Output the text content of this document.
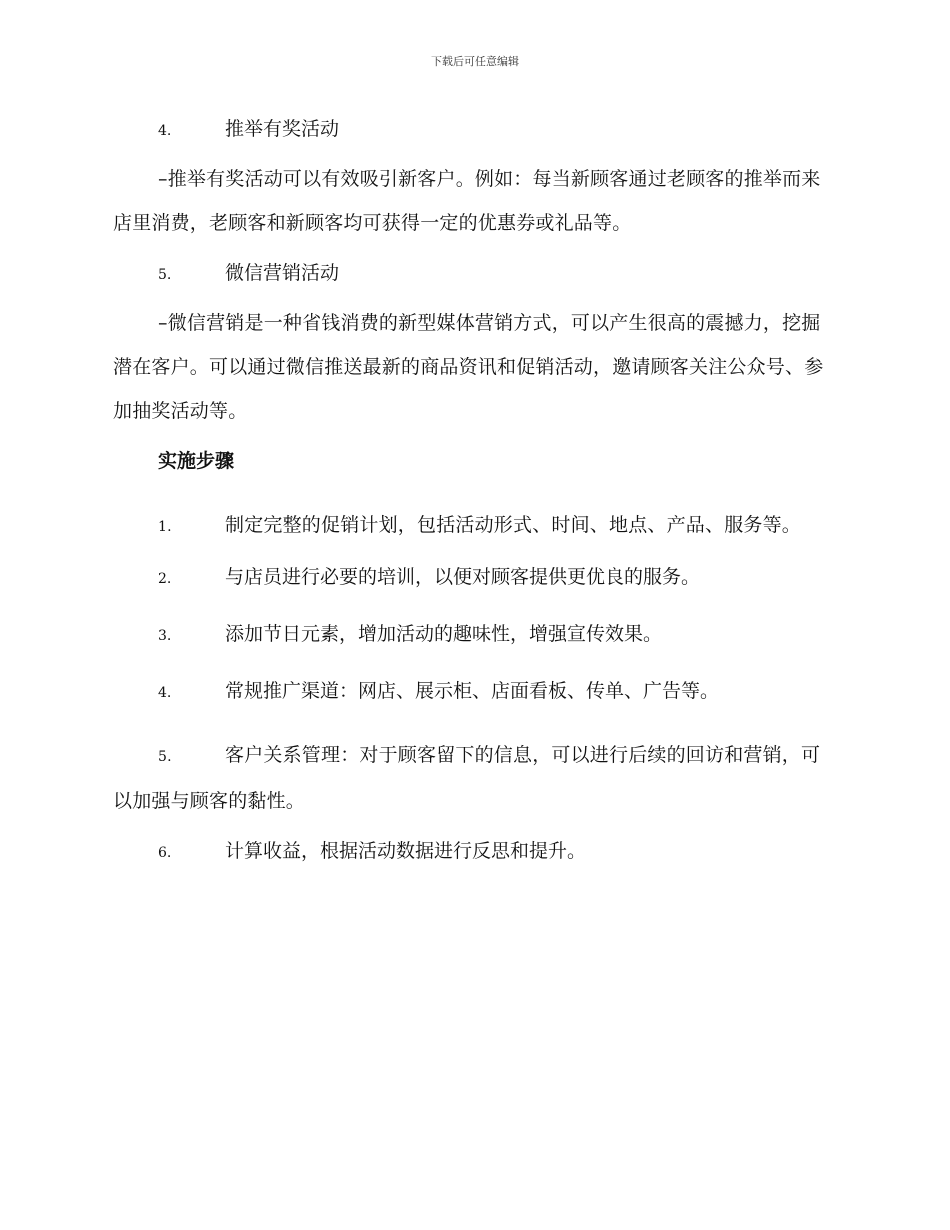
下载后可任意编辑
4.	推举有奖活动

–推举有奖活动可以有效吸引新客户。例如：每当新顾客通过老顾客的推举而来店里消费，老顾客和新顾客均可获得一定的优惠券或礼品等。

5.	微信营销活动

–微信营销是一种省钱消费的新型媒体营销方式，可以产生很高的震撼力，挖掘潜在客户。可以通过微信推送最新的商品资讯和促销活动，邀请顾客关注公众号、参加抽奖活动等。

实施步骤

1.	制定完整的促销计划，包括活动形式、时间、地点、产品、服务等。

2.	与店员进行必要的培训，以便对顾客提供更优良的服务。
3.	添加节日元素，增加活动的趣味性，增强宣传效果。
4.	常规推广渠道：网店、展示柜、店面看板、传单、广告等。

5.	客户关系管理：对于顾客留下的信息，可以进行后续的回访和营销，可以加强与顾客的黏性。

6.	计算收益，根据活动数据进行反思和提升。
